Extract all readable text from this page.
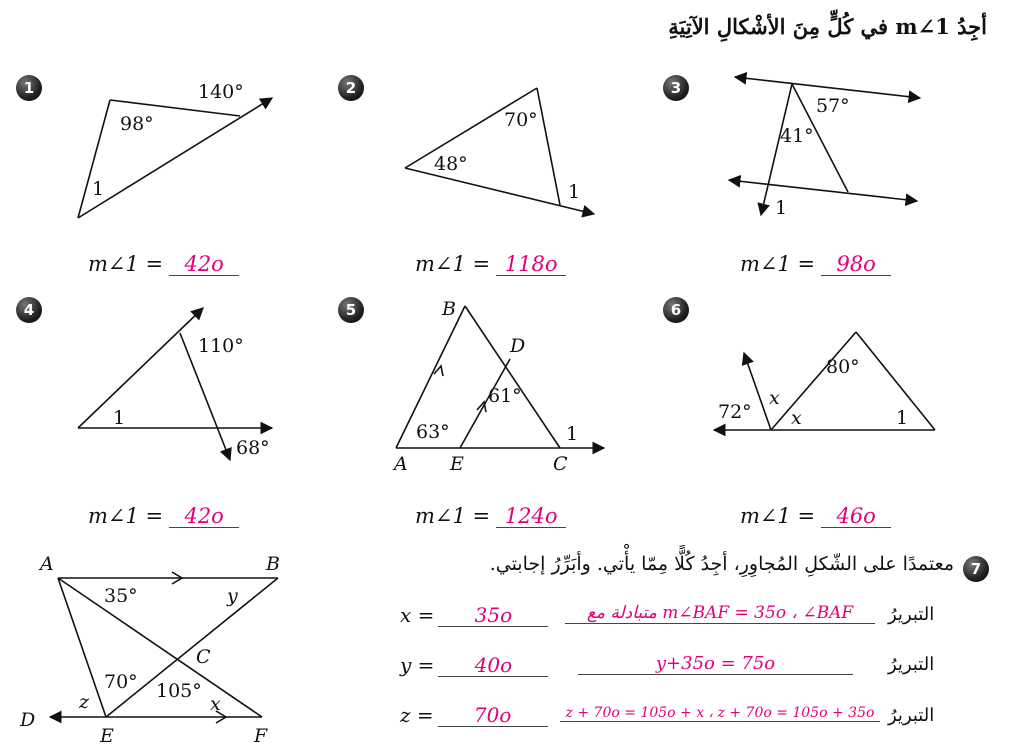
أجِدُ m∠1 في كُلٍّ مِنَ الأشْكالِ الآتِيَةِ
1	2	3
4	5	6
7
140°
98°
1
70°
48°
1
57°
41°
1
110°
1
68°
B
D
61°
63°	1
A E	C
80°
72°
x
x	1
A	B
35°	y
C
70° 105°
z	x
D
E	F
m∠1 = 42o	m∠1 = 118o	m∠1 = 98o
m∠1 = 42o	m∠1 = 124o	m∠1 = 46o
معتمدًا على الشّكلِ المُجاوِرِ، أجِدُ كُلًّا مِمّا يأْتي. وأبَرِّرُ إجابتي.
x = 35o	m∠BAF = 35o ، ∠BAF متبادلة مع	التبريرُ
y = 40o	y+35o = 75o	التبريرُ
z = 70o	z + 70o = 105o + x ، z + 70o = 105o + 35o التبريرُ
